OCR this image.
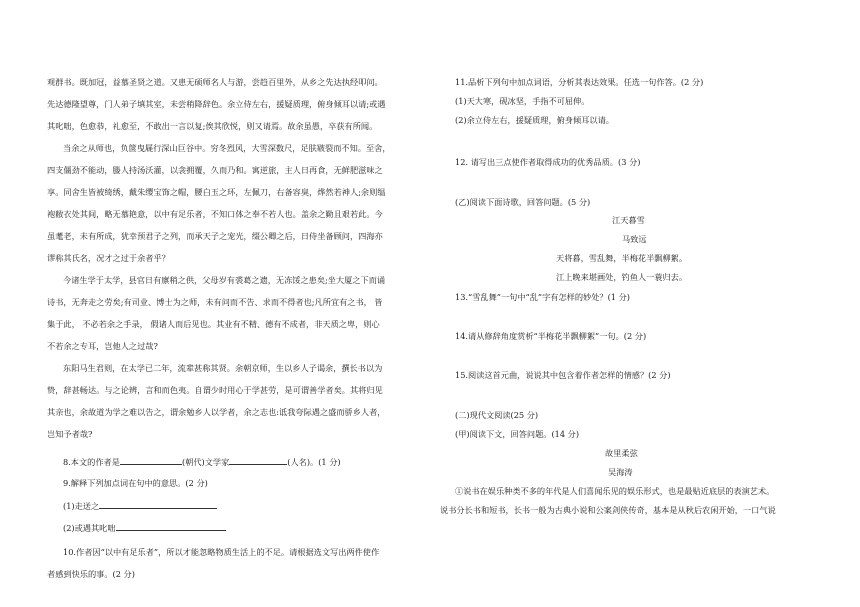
观群书。既加冠，益慕圣贤之道。又患无硕师名人与游，尝趋百里外，从乡之先达执经叩问。
先达德隆望尊，门人弟子填其室，未尝稍降辞色。余立侍左右，援疑质理，俯身倾耳以请;或遇
其叱咄，色愈恭，礼愈至，不敢出一言以复;俟其欣悦，则又请焉。故余虽愚，卒获有所闻。
当余之从师也，负箧曳屣行深山巨谷中。穷冬烈风，大雪深数尺，足肤皲裂而不知。至舍，
四支僵劲不能动，媵人持汤沃灌，以衾拥覆，久而乃和。寓逆旅，主人日再食，无鲜肥滋味之
享。同舍生皆被绮绣，戴朱缨宝饰之帽，腰白玉之环，左佩刀，右备容臭，烨然若神人;余则缊
袍敝衣处其间，略无慕艳意，以中有足乐者，不知口体之奉不若人也。盖余之勤且艰若此。今
虽耄老，未有所成，犹幸预君子之列，而承天子之宠光，缀公卿之后，日侍坐备顾问，四海亦
谬称其氏名，况才之过于余者乎？
今诸生学于太学，县官日有廪稍之供，父母岁有裘葛之遗，无冻馁之患矣;坐大厦之下而诵
诗书，无奔走之劳矣;有司业、博士为之师，未有问而不告、求而不得者也;凡所宜有之书， 皆
集于此， 不必若余之手录， 假诸人而后见也。其业有不精、德有不成者，非天质之卑，则心
不若余之专耳，岂他人之过哉?
东阳马生君则，在太学已二年，流辈甚称其贤。余朝京师，生以乡人子谒余，撰长书以为
贽，辞甚畅达。与之论辨，言和而色夷。自谓少时用心于学甚劳，是可谓善学者矣。其将归见
其亲也，余故道为学之难以告之，谓余勉乡人以学者，余之志也:诋我夸际遇之盛而骄乡人者，
岂知予者哉?
8.本文的作者是	(朝代)文学家	(人名)。(1 分)
9.解释下列加点词在句中的意思。(2 分)
(1)走送之
(2)或遇其叱咄
10.作者因“以中有足乐者”，所以才能忽略物质生活上的不足。请根据选文写出两件使作
者感到快乐的事。(2 分)
11.品析下列句中加点词语，分析其表达效果。任选一句作答。(2 分)
(1)天大寒，砚冰坚，手指不可屈伸。
(2)余立侍左右，援疑质理，俯身倾耳以请。
12. 请写出三点使作者取得成功的优秀品质。(3 分)
(乙)阅读下面诗歌，回答问题。(5 分)
江天暮雪
马致远
天将暮，雪乱舞，半梅花半飘柳絮。
江上晚来堪画处，钓鱼人一蓑归去。
13.“雪乱舞”一句中“乱”字有怎样的妙处？(1 分)
14.请从修辞角度赏析“半梅花半飘柳絮”一句。(2 分)
15.阅读这首元曲，说说其中包含着作者怎样的情感？(2 分)
(二)现代文阅读(25 分)
(甲)阅读下文，回答问题。(14 分)
故里柔弦
吴海涛
①说书在娱乐种类不多的年代是人们喜闻乐见的娱乐形式，也是最贴近底层的表演艺术。
说书分长书和短书，长书一般为古典小说和公案剑侠传奇，基本是从秋后农闲开始，一口气说
